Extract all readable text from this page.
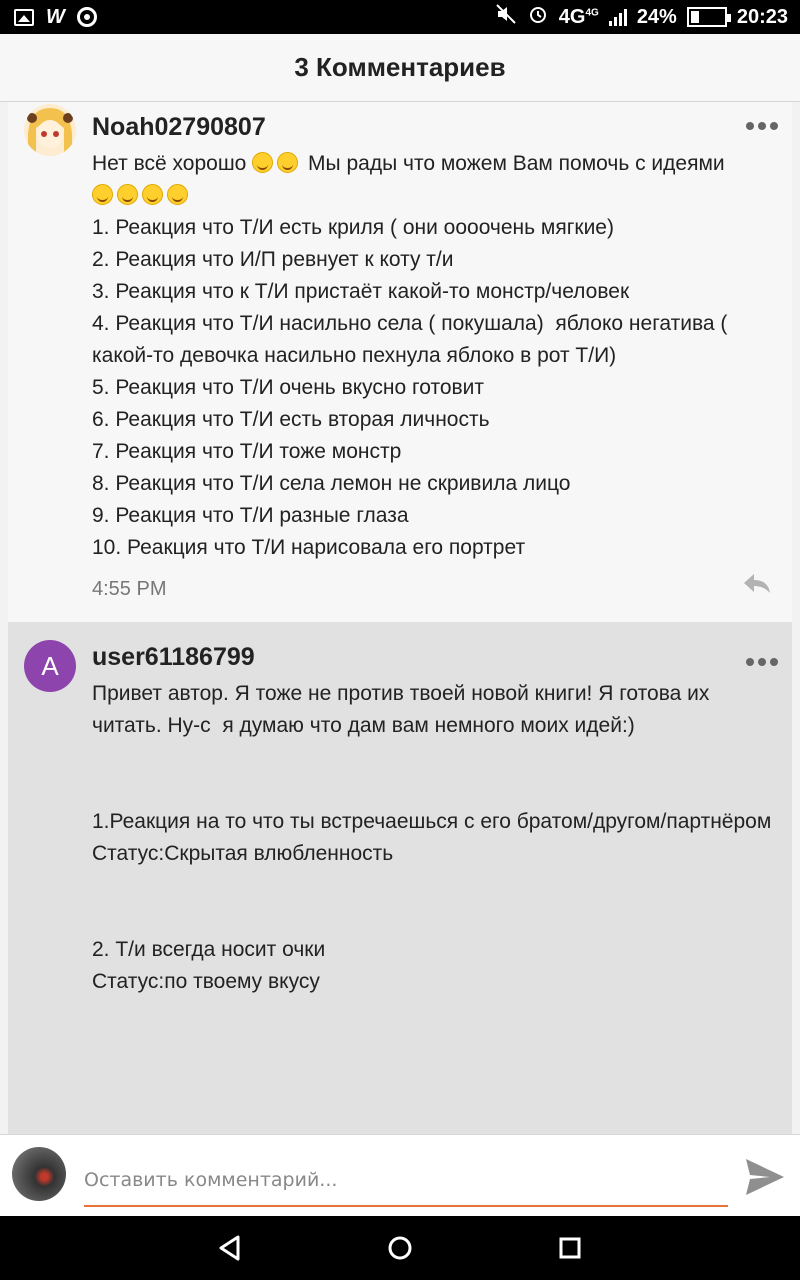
W	$4G^{4G}$ 24%	20:23
3 Комментариев
Noah02790807
Нет всё хорошо  Мы рады что можем Вам помочь с идеями

1. Реакция что Т/И есть криля ( они оооочень мягкие)
2. Реакция что И/П ревнует к коту т/и
3. Реакция что к Т/И пристаёт какой-то монстр/человек
4. Реакция что Т/И насильно села ( покушала)  яблоко негатива (  какой-то девочка насильно пехнула яблоко в рот Т/И)
5. Реакция что Т/И очень вкусно готовит
6. Реакция что Т/И есть вторая личность
7. Реакция что Т/И тоже монстр
8. Реакция что Т/И села лемон не скривила лицо
9. Реакция что Т/И разные глаза
10. Реакция что Т/И нарисовала его портрет
4:55 PM
A	user61186799
Привет автор. Я тоже не против твоей новой книги! Я готова их читать. Ну-с  я думаю что дам вам немного моих идей:)

1.Реакция на то что ты встречаешься с его братом/другом/партнёром
Статус:Скрытая влюбленность

2. Т/и всегда носит очки
Статус:по твоему вкусу
Оставить комментарий...
